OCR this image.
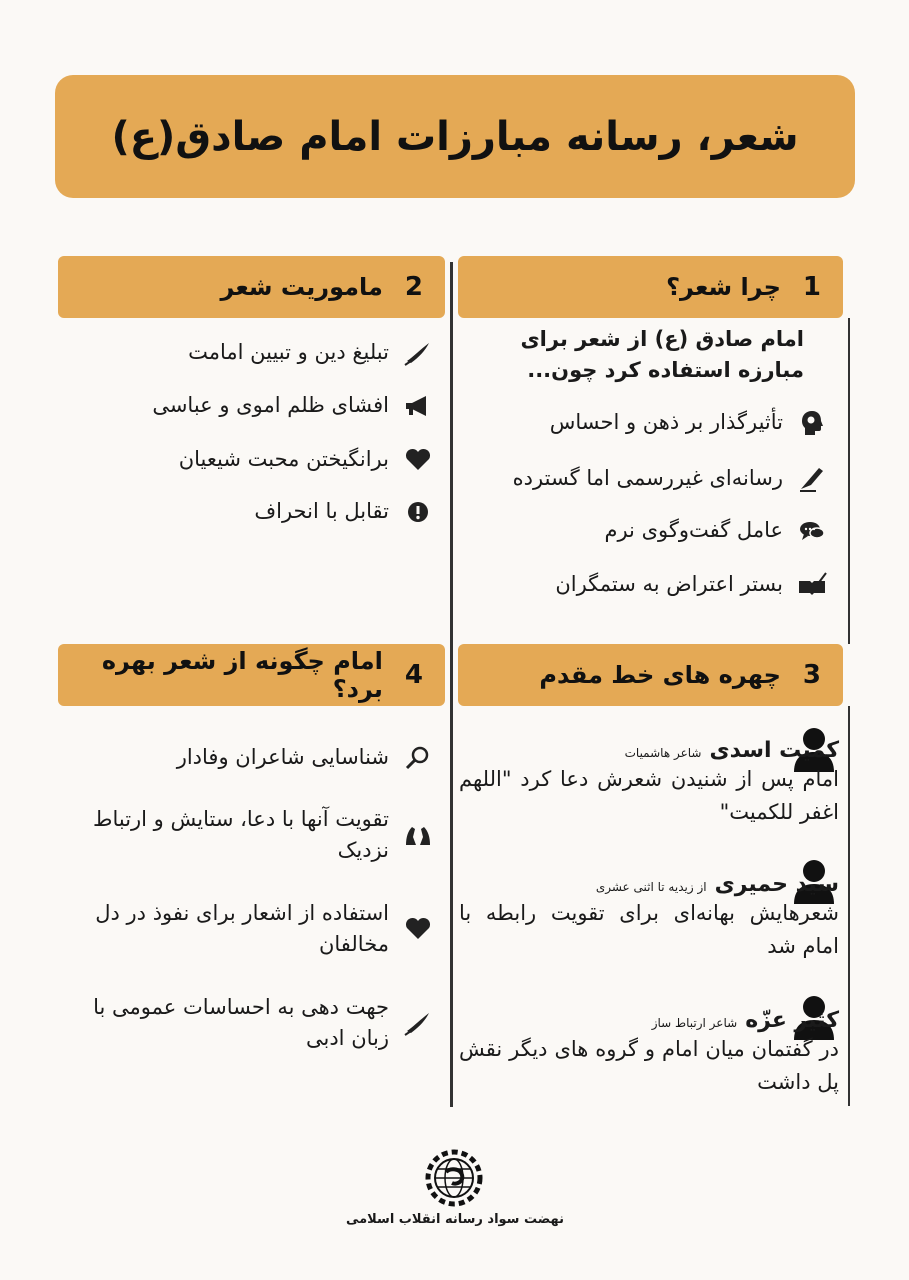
شعر، رسانه مبارزات امام صادق(ع)
1
چرا شعر؟
2
ماموریت شعر
3
چهره های خط مقدم
4
امام چگونه از شعر بهره برد؟
امام صادق (ع) از شعر برای مبارزه استفاده کرد چون...
تأثیرگذار بر ذهن و احساس
رسانه‌ای غیررسمی اما گسترده
عامل گفت‌وگوی نرم
بستر اعتراض به ستمگران
تبلیغ دین و تبیین امامت
افشای ظلم اموی و عباسی
برانگیختن محبت شیعیان
تقابل با انحراف
کمیت اسدی
شاعر هاشمیات
امام پس از شنیدن شعرش دعا کرد "اللهم اغفر للکمیت"
سید حمیری
از زیدیه تا اثنی عشری
شعرهایش بهانه‌ای برای تقویت رابطه با امام شد
کثیر عزّه
شاعر ارتباط ساز
در گفتمان میان امام و گروه های دیگر نقش پل داشت
شناسایی شاعران وفادار
تقویت آنها با دعا، ستایش و ارتباط نزدیک
استفاده از اشعار برای نفوذ در دل مخالفان
جهت دهی به احساسات عمومی با زبان ادبی
نهضت سواد رسانه انقلاب اسلامی
